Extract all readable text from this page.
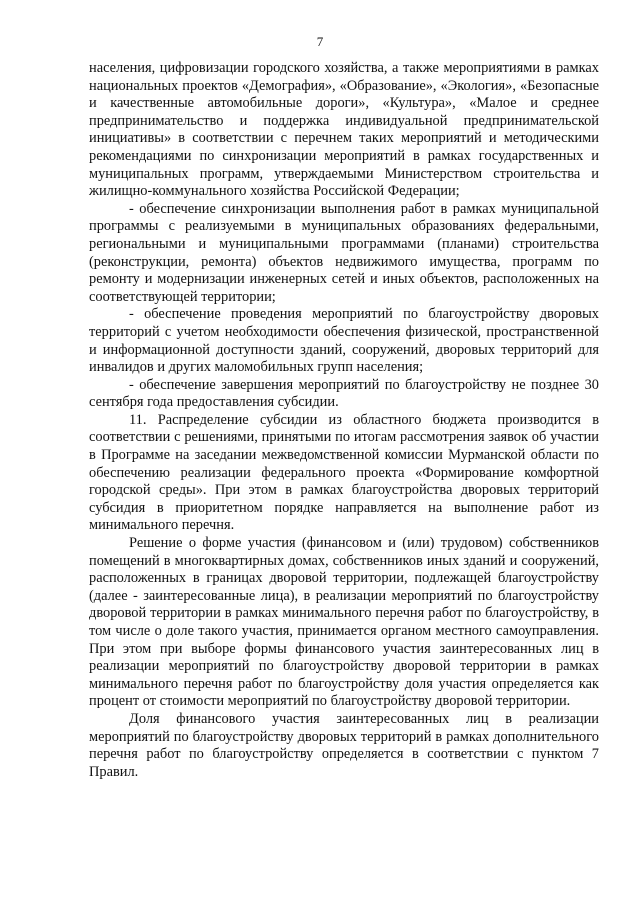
7

населения, цифровизации городского хозяйства, а также мероприятиями в рамках национальных проектов «Демография», «Образование», «Экология», «Безопасные и качественные автомобильные дороги», «Культура», «Малое и среднее предпринимательство и поддержка индивидуальной предпринимательской инициативы» в соответствии с перечнем таких мероприятий и методическими рекомендациями по синхронизации мероприятий в рамках государственных и муниципальных программ, утверждаемыми Министерством строительства и жилищно-коммунального хозяйства Российской Федерации;

- обеспечение синхронизации выполнения работ в рамках муниципальной программы с реализуемыми в муниципальных образованиях федеральными, региональными и муниципальными программами (планами) строительства (реконструкции, ремонта) объектов недвижимого имущества, программ по ремонту и модернизации инженерных сетей и иных объектов, расположенных на соответствующей территории;

- обеспечение проведения мероприятий по благоустройству дворовых территорий с учетом необходимости обеспечения физической, пространственной и информационной доступности зданий, сооружений, дворовых территорий для инвалидов и других маломобильных групп населения;

- обеспечение завершения мероприятий по благоустройству не позднее 30 сентября года предоставления субсидии.

11. Распределение субсидии из областного бюджета производится в соответствии с решениями, принятыми по итогам рассмотрения заявок об участии в Программе на заседании межведомственной комиссии Мурманской области по обеспечению реализации федерального проекта «Формирование комфортной городской среды». При этом в рамках благоустройства дворовых территорий субсидия в приоритетном порядке направляется на выполнение работ из минимального перечня.

Решение о форме участия (финансовом и (или) трудовом) собственников помещений в многоквартирных домах, собственников иных зданий и сооружений, расположенных в границах дворовой территории, подлежащей благоустройству (далее - заинтересованные лица), в реализации мероприятий по благоустройству дворовой территории в рамках минимального перечня работ по благоустройству, в том числе о доле такого участия, принимается органом местного самоуправления. При этом при выборе формы финансового участия заинтересованных лиц в реализации мероприятий по благоустройству дворовой территории в рамках минимального перечня работ по благоустройству доля участия определяется как процент от стоимости мероприятий по благоустройству дворовой территории.

Доля финансового участия заинтересованных лиц в реализации мероприятий по благоустройству дворовых территорий в рамках дополнительного перечня работ по благоустройству определяется в соответствии с пунктом 7 Правил.
